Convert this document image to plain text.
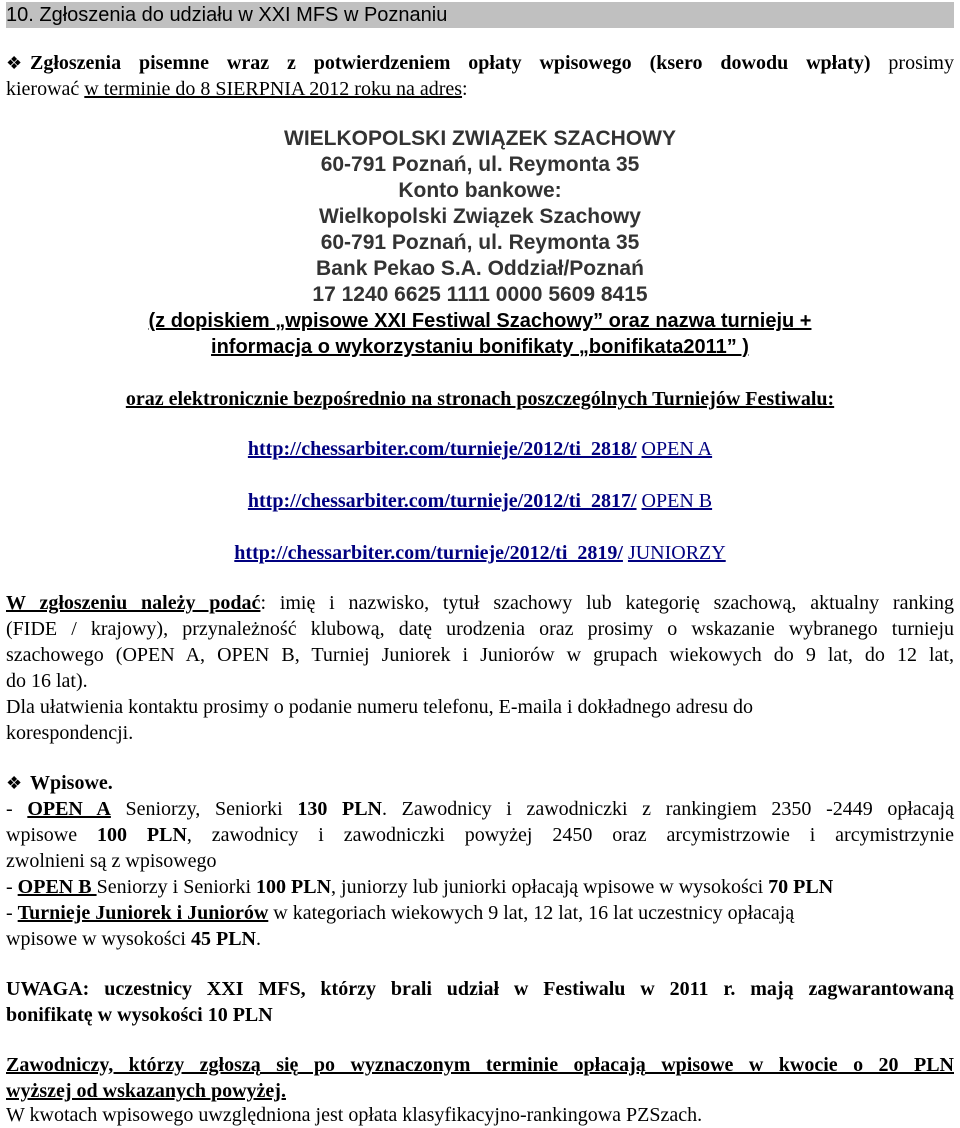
10. Zgłoszenia do udziału w XXI MFS w Poznaniu
❖ Zgłoszenia pisemne wraz z potwierdzeniem opłaty wpisowego (ksero dowodu wpłaty) prosimy
kierować w terminie do 8 SIERPNIA 2012 roku na adres:
WIELKOPOLSKI ZWIĄZEK SZACHOWY
60-791 Poznań, ul. Reymonta 35
Konto bankowe:
Wielkopolski Związek Szachowy
60-791 Poznań, ul. Reymonta 35
Bank Pekao S.A. Oddział/Poznań
17 1240 6625 1111 0000 5609 8415
(z dopiskiem „wpisowe XXI Festiwal Szachowy” oraz nazwa turnieju +
informacja o wykorzystaniu bonifikaty „bonifikata2011” )
oraz elektronicznie bezpośrednio na stronach poszczególnych Turniejów Festiwalu:
http://chessarbiter.com/turnieje/2012/ti_2818/ OPEN A
http://chessarbiter.com/turnieje/2012/ti_2817/ OPEN B
http://chessarbiter.com/turnieje/2012/ti_2819/ JUNIORZY
W zgłoszeniu należy podać: imię i nazwisko, tytuł szachowy lub kategorię szachową, aktualny ranking
(FIDE / krajowy), przynależność klubową, datę urodzenia oraz prosimy o wskazanie wybranego turnieju
szachowego (OPEN A, OPEN B, Turniej Juniorek i Juniorów w grupach wiekowych do 9 lat, do 12 lat,
do 16 lat).
Dla ułatwienia kontaktu prosimy o podanie numeru telefonu, E-maila i dokładnego adresu do
korespondencji.
❖ Wpisowe.
- OPEN A Seniorzy, Seniorki 130 PLN. Zawodnicy i zawodniczki z rankingiem 2350 -2449 opłacają
wpisowe 100 PLN, zawodnicy i zawodniczki powyżej 2450 oraz arcymistrzowie i arcymistrzynie
zwolnieni są z wpisowego
- OPEN B Seniorzy i Seniorki 100 PLN, juniorzy lub juniorki opłacają wpisowe w wysokości 70 PLN
- Turnieje Juniorek i Juniorów w kategoriach wiekowych 9 lat, 12 lat, 16 lat uczestnicy opłacają
wpisowe w wysokości 45 PLN.
UWAGA: uczestnicy XXI MFS, którzy brali udział w Festiwalu w 2011 r. mają zagwarantowaną
bonifikatę w wysokości 10 PLN
Zawodniczy, którzy zgłoszą się po wyznaczonym terminie opłacają wpisowe w kwocie o 20 PLN
wyższej od wskazanych powyżej.
W kwotach wpisowego uwzględniona jest opłata klasyfikacyjno-rankingowa PZSzach.
